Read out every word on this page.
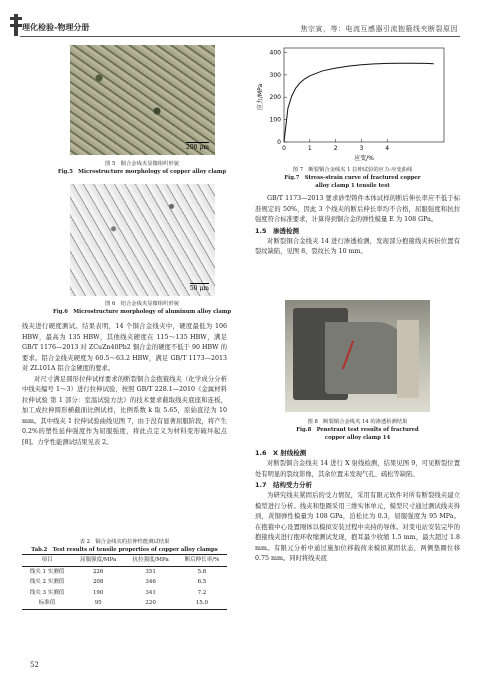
理化检验-物理分册	焦宗寅，等：电流互感器引流抱箍线夹断裂原因
200 μm
图 5　铜合金线夹显微组织形貌
Fig.5　Microstructure morphology of copper alloy clamp
50 μm
图 6　铝合金线夹显微组织形貌
Fig.6　Microstructure morphology of aluminum alloy clamp

线夹进行硬度测试。结果表明，14 个铜合金线夹中，硬度最低为 106 HBW，最高为 135 HBW，其他线夹硬度在 115～135 HBW，满足 GB/T 1176—2013 对 ZCuZn40Pb2 铜合金的硬度不低于 90 HBW 的要求。铝合金线夹硬度为 60.5～63.2 HBW，满足 GB/T 1173—2013 对 ZL101A 铝合金硬度的要求。

对尺寸满足圆形拉伸试样要求的断裂铜合金抱箍线夹（化学成分分析中线夹编号 1～3）进行拉伸试验，按照 GB/T 228.1—2010《金属材料 拉伸试验 第 1 部分：室温试验方法》的技术要求截取线夹底座和连板，加工成拉伸圆形横截面比例试样，比例系数 k 取 5.65，原始直径为 10 mm。其中线夹 1 拉伸试验曲线见图 7，由于没有显著屈服阶段，将产生 0.2%的塑性延伸强度作为屈服强度，将此点定义为材料变形破坏起点[8]。力学性能测试结果见表 2。

表 2　铜合金线夹的拉伸性能测试结果
Tab.2　Test results of tensile properties of copper alloy clamps
项目	屈服强度/MPa	抗拉强度/MPa	断后伸长率/%
线夹 1 实测值	226	351	5.8
线夹 2 实测值	208	346	6.5
线夹 3 实测值	190	341	7.2
标准值	95	220	15.0
52
0
100
200
300
400
0	1	2	3	4
应变/%
应力/MPa
图 7　断裂铜合金线夹 1 拉伸试验的应力-应变曲线
Fig.7　Stress-strain curve of fractured copper
alloy clamp 1 tensile test

GB/T 1173—2013 要求砂型铸件本体试样的断后伸长率应不低于标准规定的 50%，因此 3 个线夹的断后伸长率均不合格，屈服强度和抗拉强度符合标准要求，计算得到铜合金的弹性模量 E 为 108 GPa。

1.5　渗透检测

对断裂铜合金线夹 14 进行渗透检测，发现部分抱箍线夹转折位置有裂纹缺陷，见图 8，裂纹长为 10 mm。

图 8　断裂铜合金线夹 14 的渗透检测结果
Fig.8　Penetrant test results of fractured
copper alloy clamp 14
1.6　X 射线检测

对断裂铜合金线夹 14 进行 X 射线检测，结果见图 9，可见断裂位置处有明显的裂纹影像，其余位置未发现气孔、疏松等缺陷。

1.7　结构受力分析

为研究线夹紧固后的受力情况，采用有限元软件对所有断裂线夹建立模型进行分析。线夹和垫圈采用三维实体单元，模型尺寸通过测试线夹得到，黄铜弹性模量为 108 GPa，泊松比为 0.3，屈服强度为 95 MPa。在抱箍中心设置刚体以模拟安装过程中夹持的导体。对变电站安装完毕的抱箍线夹进行抱环收缩测试发现，抱耳最少收缩 1.5 mm，最大超过 1.8 mm。有限元分析中通过施加位移载荷来模拟紧固状态，两侧垫圈位移 0.75 mm。同时将线夹底
